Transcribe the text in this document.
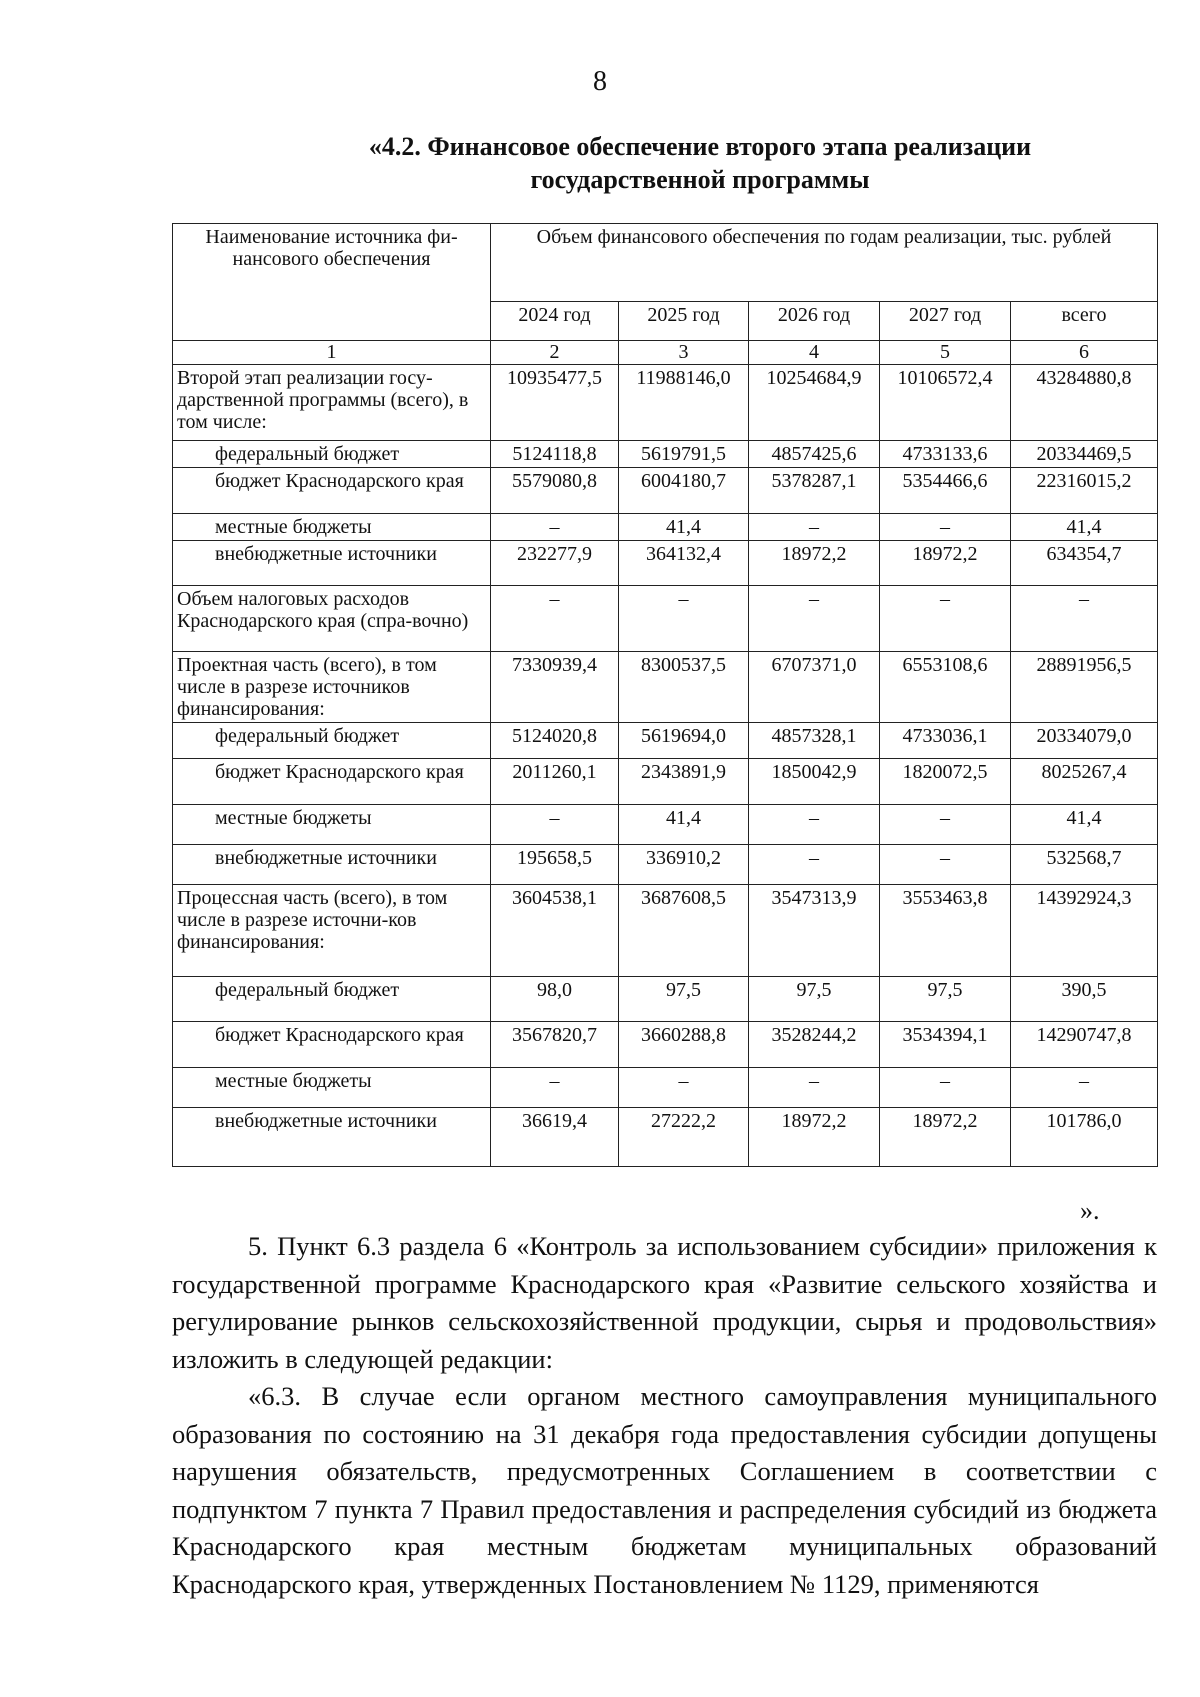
8
«4.2. Финансовое обеспечение второго этапа реализации
государственной программы
Наименование источника фи-нансового обеспечения	Объем финансового обеспечения по годам реализации, тыс. рублей				
	2024 год	2025 год	2026 год	2027 год	всего
1	2	3	4	5	6
Второй этап реализации госу-дарственной программы (всего), в том числе:	10935477,5	11988146,0	10254684,9	10106572,4	43284880,8
федеральный бюджет	5124118,8	5619791,5	4857425,6	4733133,6	20334469,5
бюджет Краснодарского края	5579080,8	6004180,7	5378287,1	5354466,6	22316015,2
местные бюджеты	–	41,4	–	–	41,4
внебюджетные источники	232277,9	364132,4	18972,2	18972,2	634354,7
Объем налоговых расходов Краснодарского края (спра-вочно)	–	–	–	–	–
Проектная часть (всего), в том числе в разрезе источников финансирования:	7330939,4	8300537,5	6707371,0	6553108,6	28891956,5
федеральный бюджет	5124020,8	5619694,0	4857328,1	4733036,1	20334079,0
бюджет Краснодарского края	2011260,1	2343891,9	1850042,9	1820072,5	8025267,4
местные бюджеты	–	41,4	–	–	41,4
внебюджетные источники	195658,5	336910,2	–	–	532568,7
Процессная часть (всего), в том числе в разрезе источни-ков финансирования:	3604538,1	3687608,5	3547313,9	3553463,8	14392924,3
федеральный бюджет	98,0	97,5	97,5	97,5	390,5
бюджет Краснодарского края	3567820,7	3660288,8	3528244,2	3534394,1	14290747,8
местные бюджеты	–	–	–	–	–
внебюджетные источники	36619,4	27222,2	18972,2	18972,2	101786,0
».

5. Пункт 6.3 раздела 6 «Контроль за использованием субсидии» приложения к государственной программе Краснодарского края «Развитие сельского хозяйства и регулирование рынков сельскохозяйственной продукции, сырья и продовольствия» изложить в следующей редакции:

«6.3. В случае если органом местного самоуправления муниципального образования по состоянию на 31 декабря года предоставления субсидии допущены нарушения обязательств, предусмотренных Соглашением в соответствии с подпунктом 7 пункта 7 Правил предоставления и распределения субсидий из бюджета Краснодарского края местным бюджетам муниципальных образований Краснодарского края, утвержденных Постановлением № 1129, применяются
